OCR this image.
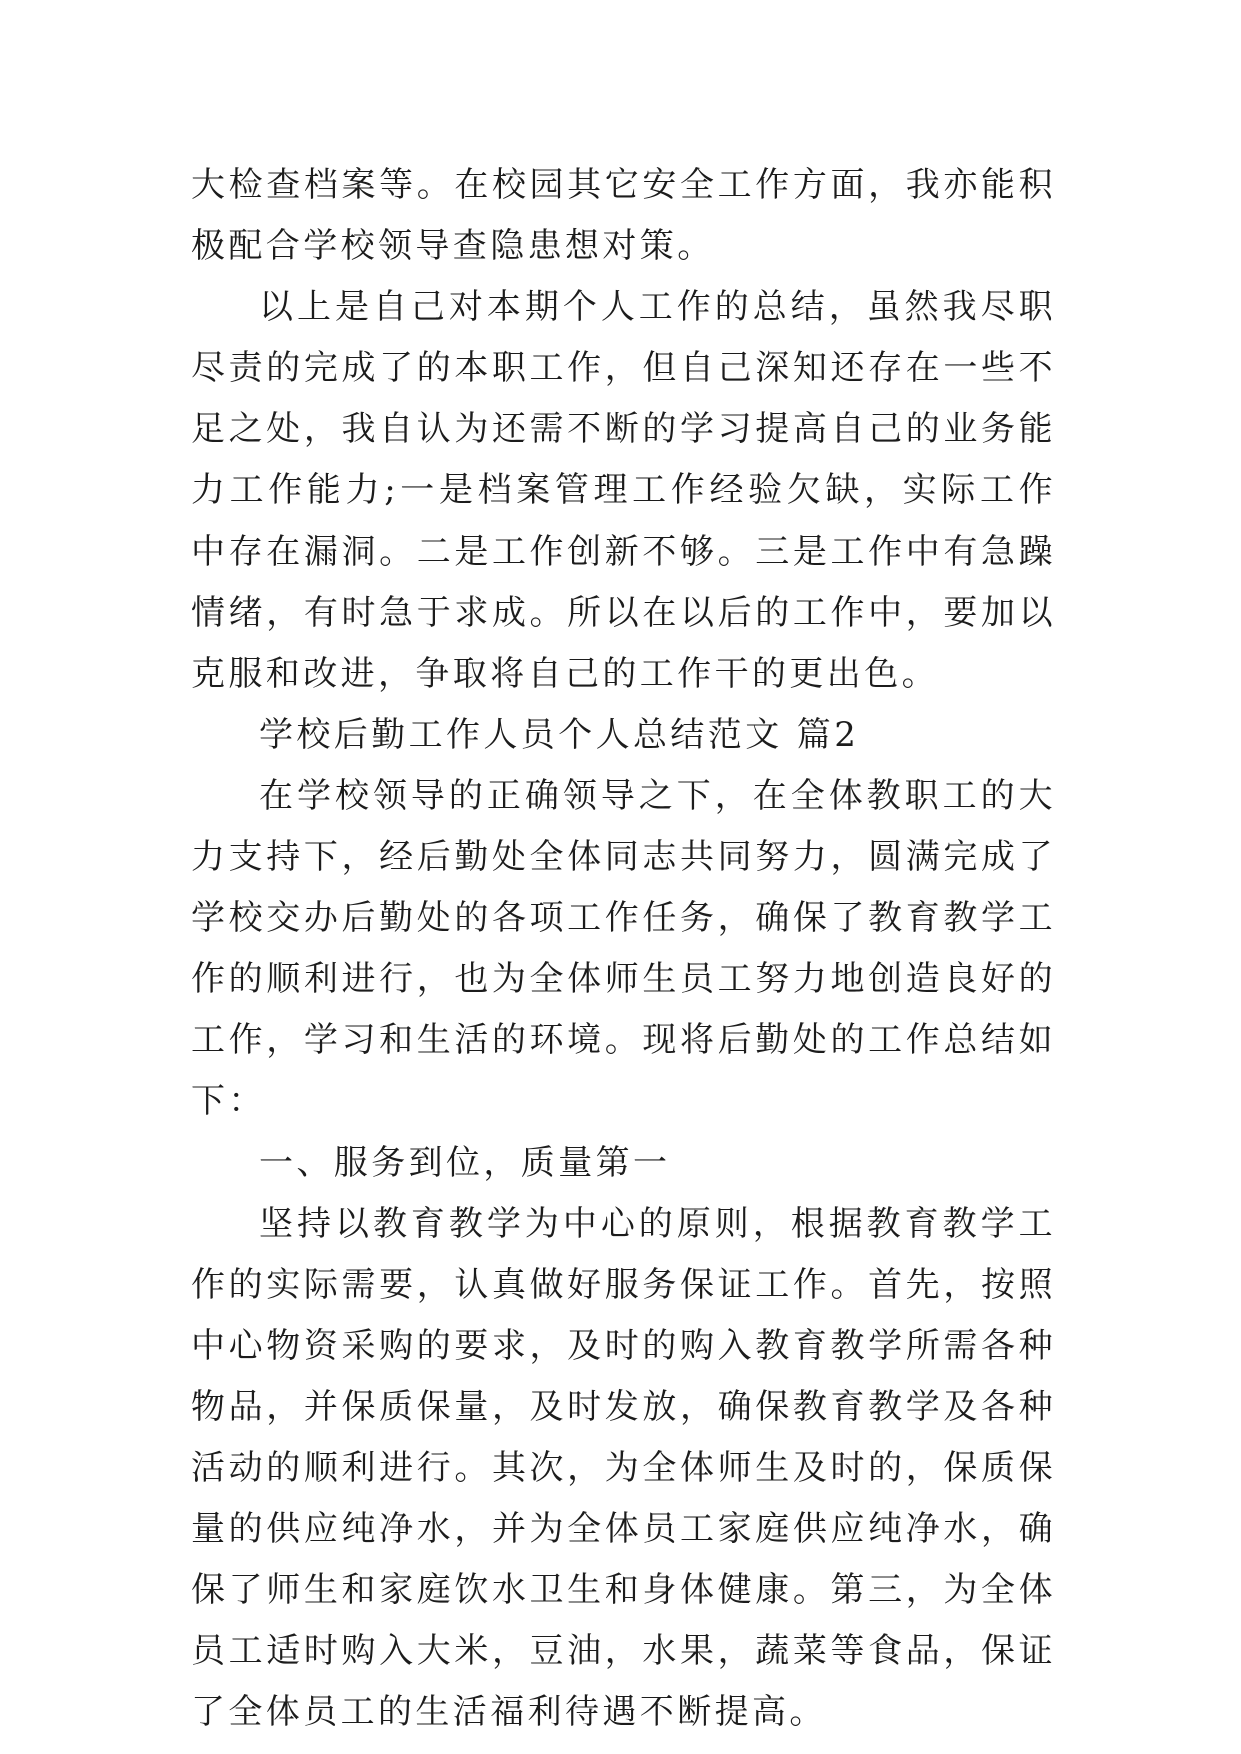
大检查档案等。在校园其它安全工作方面，我亦能积极配合学校领导查隐患想对策。

以上是自己对本期个人工作的总结，虽然我尽职尽责的完成了的本职工作，但自己深知还存在一些不足之处，我自认为还需不断的学习提高自己的业务能力工作能力;一是档案管理工作经验欠缺，实际工作中存在漏洞。二是工作创新不够。三是工作中有急躁情绪，有时急于求成。所以在以后的工作中，要加以克服和改进，争取将自己的工作干的更出色。

学校后勤工作人员个人总结范文 篇2

在学校领导的正确领导之下，在全体教职工的大力支持下，经后勤处全体同志共同努力，圆满完成了学校交办后勤处的各项工作任务，确保了教育教学工作的顺利进行，也为全体师生员工努力地创造良好的工作，学习和生活的环境。现将后勤处的工作总结如下：

一、服务到位，质量第一

坚持以教育教学为中心的原则，根据教育教学工作的实际需要，认真做好服务保证工作。首先，按照中心物资采购的要求，及时的购入教育教学所需各种物品，并保质保量，及时发放，确保教育教学及各种活动的顺利进行。其次，为全体师生及时的，保质保量的供应纯净水，并为全体员工家庭供应纯净水，确保了师生和家庭饮水卫生和身体健康。第三，为全体员工适时购入大米，豆油，水果，蔬菜等食品，保证了全体员工的生活福利待遇不断提高。
